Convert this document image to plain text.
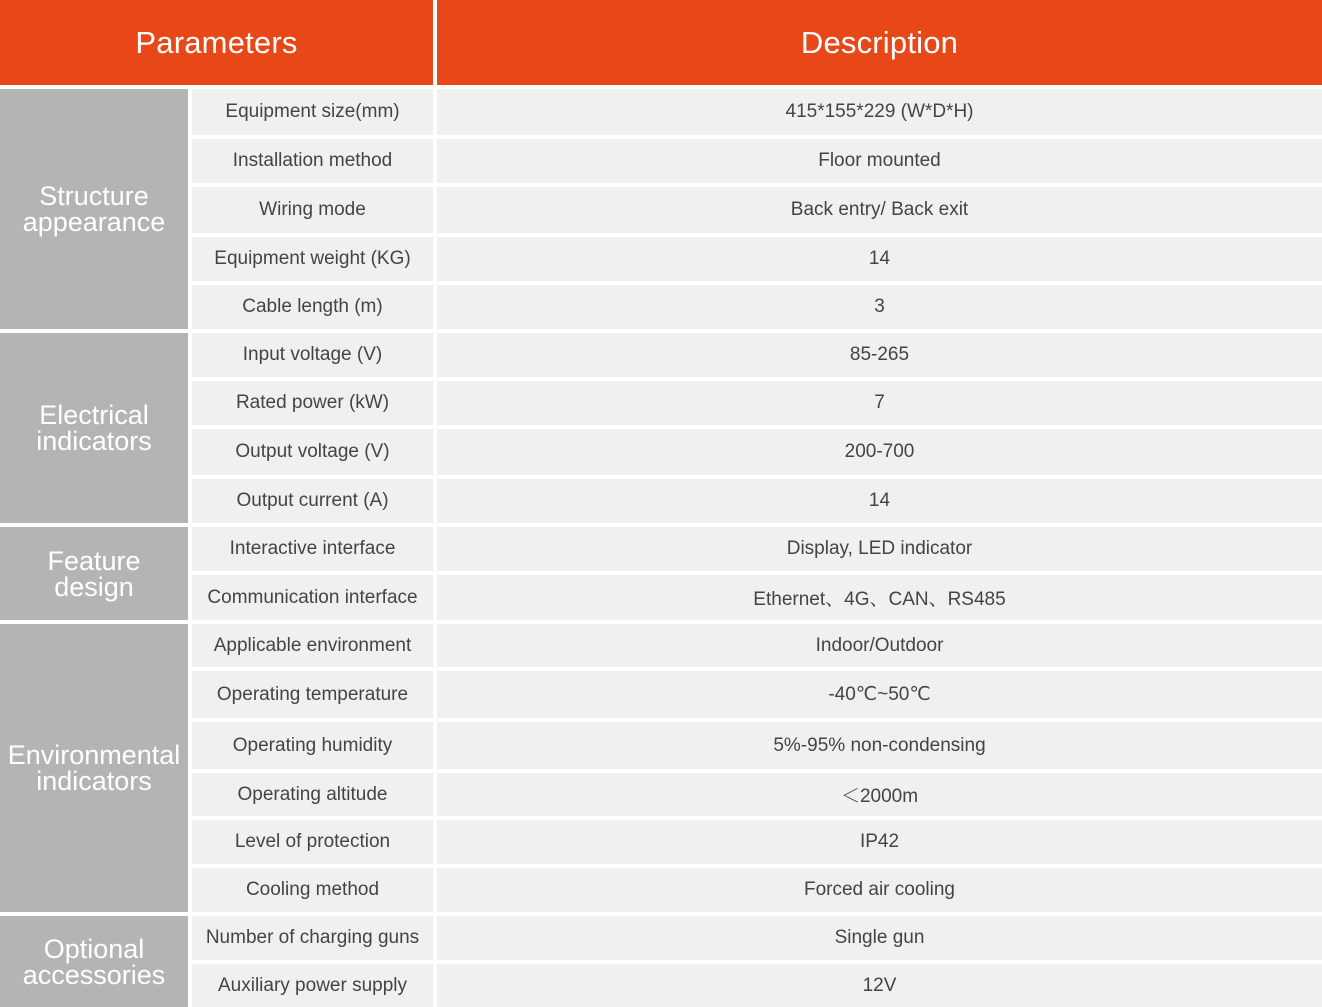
Parameters	Description
Structure
appearance
Equipment size(mm)	415*155*229 (W*D*H)
Installation method	Floor mounted
Wiring mode	Back entry/ Back exit
Equipment weight (KG)	14
Cable length (m)	3
Electrical
indicators
Input voltage (V)	85-265
Rated power (kW)	7
Output voltage (V)	200-700
Output current (A)	14
Feature
design
Interactive interface	Display, LED indicator
Communication interface	Ethernet、4G、CAN、RS485
Environmental
indicators
Applicable environment	Indoor/Outdoor
Operating temperature	-40℃~50℃
Operating humidity	5%-95% non-condensing
Operating altitude	＜2000m
Level of protection	IP42
Cooling method	Forced air cooling
Optional
accessories
Number of charging guns	Single gun
Auxiliary power supply	12V
